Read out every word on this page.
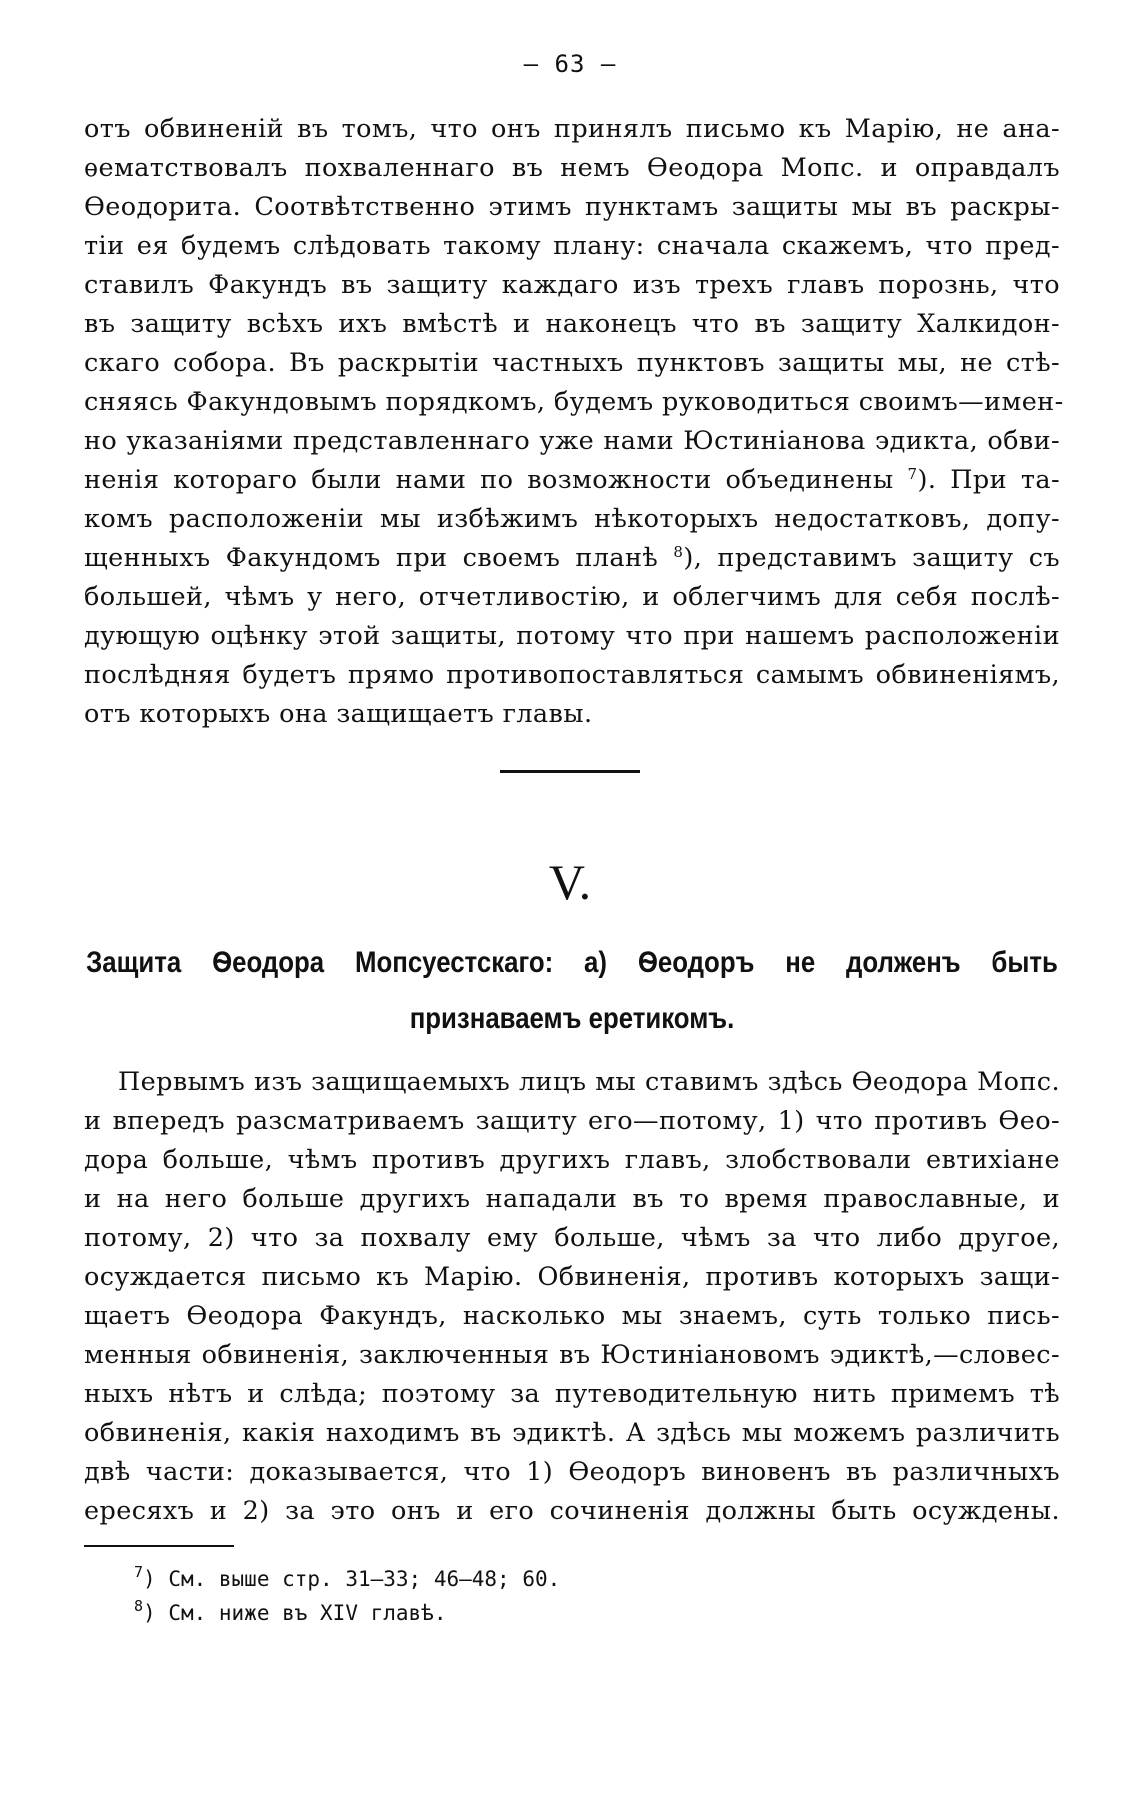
— 63 —
отъ обвиненій въ томъ, что онъ принялъ письмо къ Марію, не ана-
ѳематствовалъ похваленнаго въ немъ Ѳеодора Мопс. и оправдалъ
Ѳеодорита. Соотвѣтственно этимъ пунктамъ защиты мы въ раскры-
тіи ея будемъ слѣдовать такому плану: сначала скажемъ, что пред-
ставилъ Факундъ въ защиту каждаго изъ трехъ главъ порознь, что
въ защиту всѣхъ ихъ вмѣстѣ и наконецъ что въ защиту Халкидон-
скаго собора. Въ раскрытіи частныхъ пунктовъ защиты мы, не стѣ-
сняясь Факундовымъ порядкомъ, будемъ руководиться своимъ—имен-
но указаніями представленнаго уже нами Юстиніанова эдикта, обви-
ненія котораго были нами по возможности объединены $^7$). При та-
комъ расположеніи мы избѣжимъ нѣкоторыхъ недостатковъ, допу-
щенныхъ Факундомъ при своемъ планѣ $^8$), представимъ защиту съ
большей, чѣмъ у него, отчетливостію, и облегчимъ для себя послѣ-
дующую оцѣнку этой защиты, потому что при нашемъ расположеніи
послѣдняя будетъ прямо противопоставляться самымъ обвиненіямъ,
отъ которыхъ она защищаетъ главы.
V.
Защита Ѳеодора Мопсуестскаго: а) Ѳеодоръ не долженъ быть
признаваемъ еретикомъ.
Первымъ изъ защищаемыхъ лицъ мы ставимъ здѣсь Ѳеодора Мопс.
и впередъ разсматриваемъ защиту его—потому, 1) что противъ Ѳео-
дора больше, чѣмъ противъ другихъ главъ, злобствовали евтихіане
и на него больше другихъ нападали въ то время православные, и
потому, 2) что за похвалу ему больше, чѣмъ за что либо другое,
осуждается письмо къ Марію. Обвиненія, противъ которыхъ защи-
щаетъ Ѳеодора Факундъ, насколько мы знаемъ, суть только пись-
менныя обвиненія, заключенныя въ Юстиніановомъ эдиктѣ,—словес-
ныхъ нѣтъ и слѣда; поэтому за путеводительную нить примемъ тѣ
обвиненія, какія находимъ въ эдиктѣ. А здѣсь мы можемъ различить
двѣ части: доказывается, что 1) Ѳеодоръ виновенъ въ различныхъ
ересяхъ и 2) за это онъ и его сочиненія должны быть осуждены.
$^7$) См. выше стр. 31—33; 46—48; 60.
$^8$) См. ниже въ XIV главѣ.
